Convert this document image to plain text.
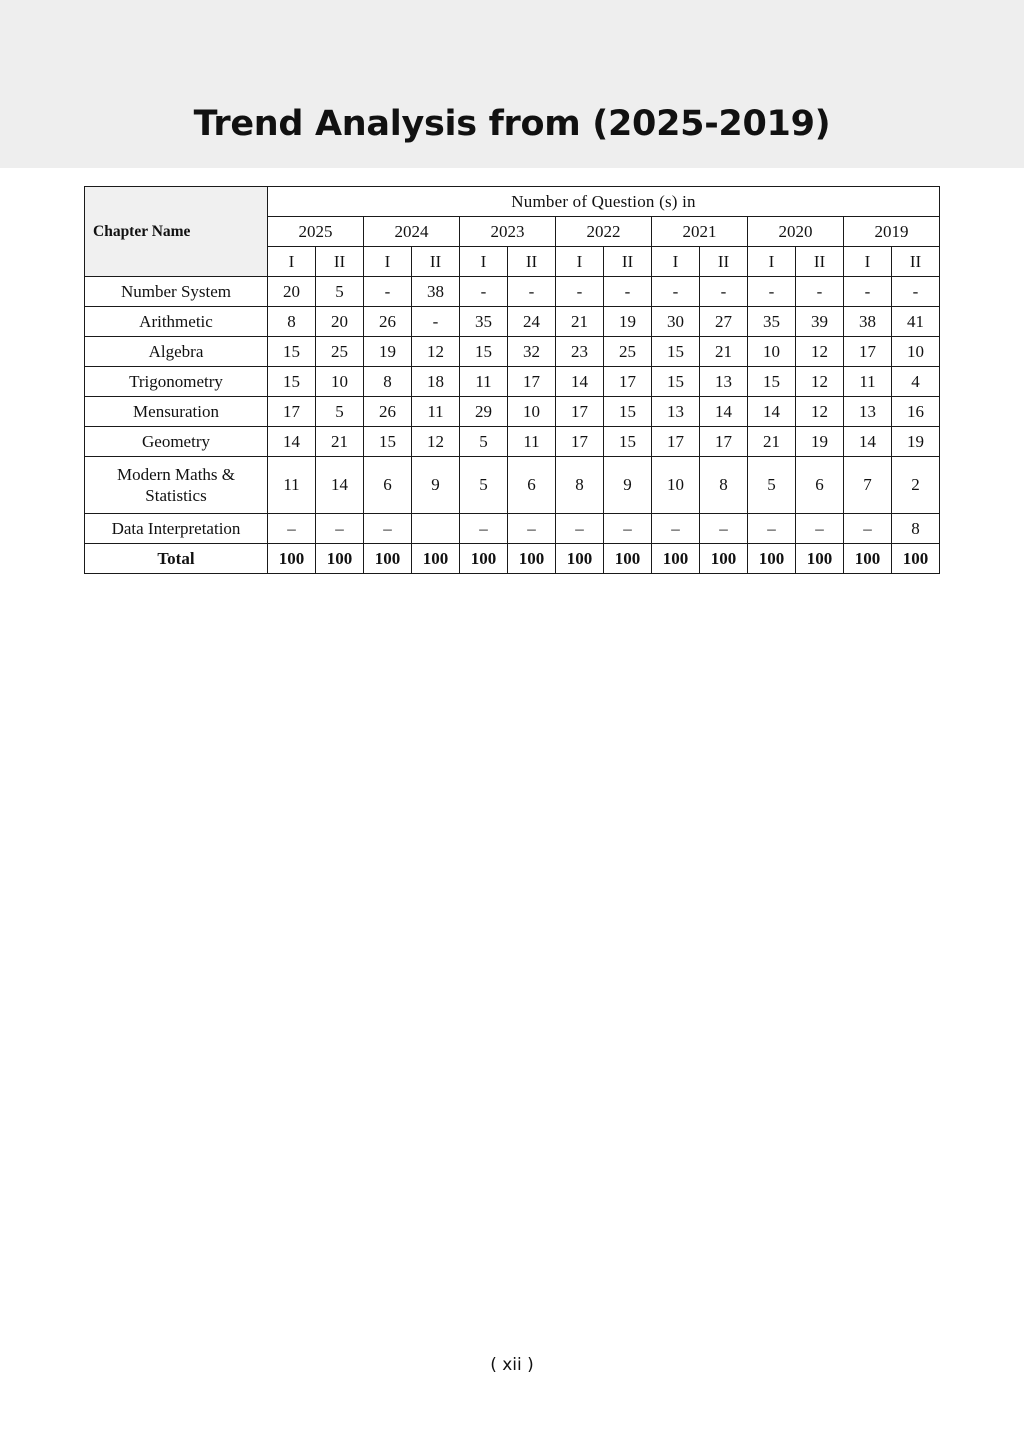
Trend Analysis from (2025-2019)
Chapter Name	Number of Question (s) in													
	2025		2024		2023		2022		2021		2020		2019	
	I	II	I	II	I	II	I	II	I	II	I	II	I	II
Number System	20	5	-	38	-	-	-	-	-	-	-	-	-	-
Arithmetic	8	20	26	-	35	24	21	19	30	27	35	39	38	41
Algebra	15	25	19	12	15	32	23	25	15	21	10	12	17	10
Trigonometry	15	10	8	18	11	17	14	17	15	13	15	12	11	4
Mensuration	17	5	26	11	29	10	17	15	13	14	14	12	13	16
Geometry	14	21	15	12	5	11	17	15	17	17	21	19	14	19
Modern Maths & Statistics	11	14	6	9	5	6	8	9	10	8	5	6	7	2
Data Interpretation	–	–	–		–	–	–	–	–	–	–	–	–	8
Total	100	100	100	100	100	100	100	100	100	100	100	100	100	100
( xii )
